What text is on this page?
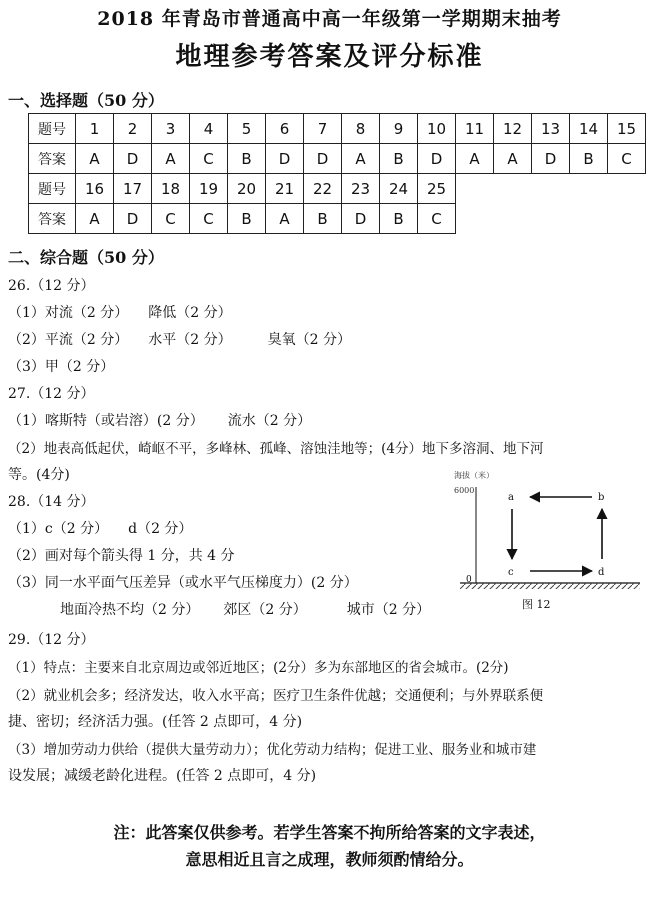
2018 年青岛市普通高中高一年级第一学期期末抽考
地理参考答案及评分标准
一、选择题（50 分）
题号	1	2	3	4	5	6	7	8	9	10	11	12	13	14	15
答案	A	D	A	C	B	D	D	A	B	D	A	A	D	B	C
题号	16	17	18	19	20	21	22	23	24	25					
答案	A	D	C	C	B	A	B	D	B	C					
二、综合题（50 分）
26.（12 分）
（1）对流（2 分） 降低（2 分）
（2）平流（2 分） 水平（2 分）	臭氧（2 分）
（3）甲（2 分）
27.（12 分）
（1）喀斯特（或岩溶）(2 分） 流水（2 分）
（2）地表高低起伏，崎岖不平，多峰林、孤峰、溶蚀洼地等；(4分）地下多溶洞、地下河
等。(4分)
28.（14 分）
（1）c（2 分） d（2 分）
（2）画对每个箭头得 1 分，共 4 分
（3）同一水平面气压差异（或水平气压梯度力）(2 分）
地面冷热不均（2 分） 郊区（2 分）	城市（2 分）
海拔（米）
6000
0
a	b
c	d
图 12
29.（12 分）
（1）特点：主要来自北京周边或邻近地区；(2分）多为东部地区的省会城市。(2分)
（2）就业机会多；经济发达，收入水平高；医疗卫生条件优越；交通便利；与外界联系便
捷、密切；经济活力强。(任答 2 点即可，4 分)
（3）增加劳动力供给（提供大量劳动力）；优化劳动力结构；促进工业、服务业和城市建
设发展；减缓老龄化进程。(任答 2 点即可，4 分)
注：此答案仅供参考。若学生答案不拘所给答案的文字表述，
意思相近且言之成理，教师须酌情给分。
